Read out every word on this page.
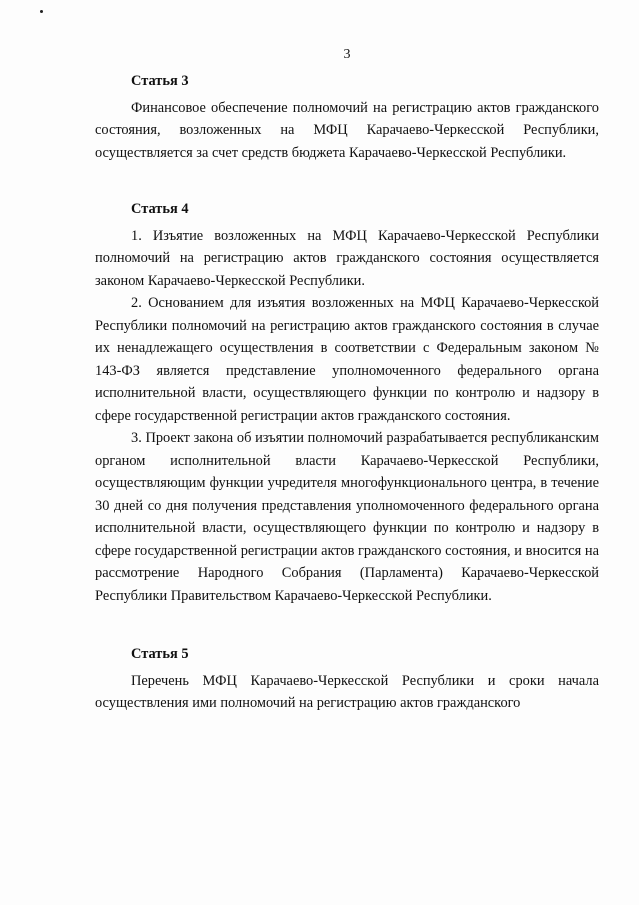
3

Статья 3

Финансовое обеспечение полномочий на регистрацию актов гражданского состояния, возложенных на МФЦ Карачаево-Черкесской Республики, осуществляется за счет средств бюджета Карачаево-Черкесской Республики.

Статья 4

1. Изъятие возложенных на МФЦ Карачаево-Черкесской Республики полномочий на регистрацию актов гражданского состояния осуществляется законом Карачаево-Черкесской Республики.

2. Основанием для изъятия возложенных на МФЦ Карачаево-Черкесской Республики полномочий на регистрацию актов гражданского состояния в случае их ненадлежащего осуществления в соответствии с Федеральным законом № 143-ФЗ является представление уполномоченного федерального органа исполнительной власти, осуществляющего функции по контролю и надзору в сфере государственной регистрации актов гражданского состояния.

3. Проект закона об изъятии полномочий разрабатывается республиканским органом исполнительной власти Карачаево-Черкесской Республики, осуществляющим функции учредителя многофункционального центра, в течение 30 дней со дня получения представления уполномоченного федерального органа исполнительной власти, осуществляющего функции по контролю и надзору в сфере государственной регистрации актов гражданского состояния, и вносится на рассмотрение Народного Собрания (Парламента) Карачаево-Черкесской Республики Правительством Карачаево-Черкесской Республики.

Статья 5

Перечень МФЦ Карачаево-Черкесской Республики и сроки начала осуществления ими полномочий на регистрацию актов гражданского
